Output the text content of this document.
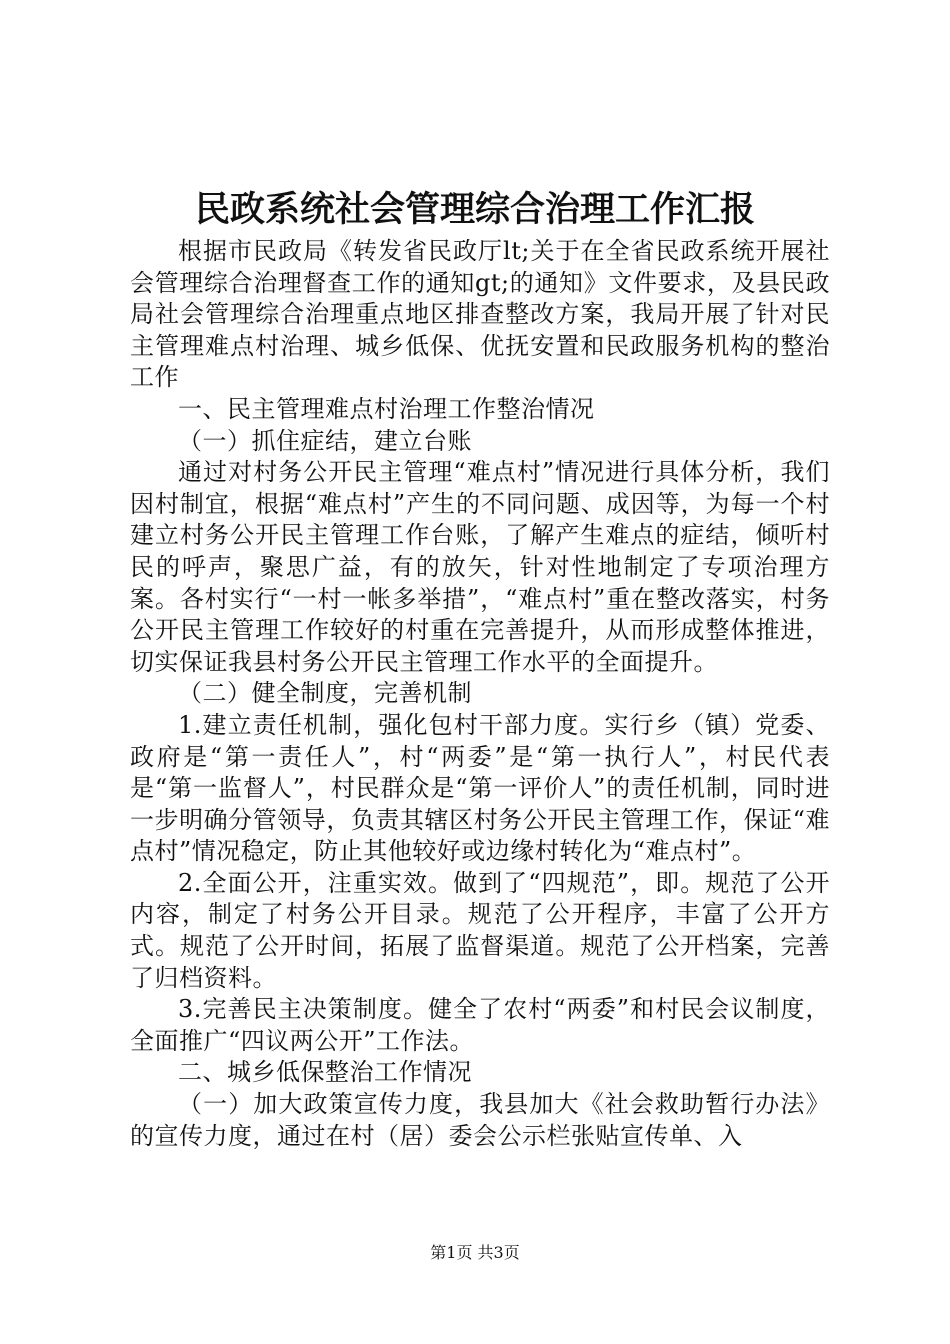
民政系统社会管理综合治理工作汇报

根据市民政局《转发省民政厅lt;关于在全省民政系统开展社会管理综合治理督查工作的通知gt;的通知》文件要求，及县民政局社会管理综合治理重点地区排查整改方案，我局开展了针对民主管理难点村治理、城乡低保、优抚安置和民政服务机构的整治工作

一、民主管理难点村治理工作整治情况

（一）抓住症结，建立台账

通过对村务公开民主管理“难点村”情况进行具体分析，我们因村制宜，根据“难点村”产生的不同问题、成因等，为每一个村建立村务公开民主管理工作台账，了解产生难点的症结，倾听村民的呼声，聚思广益，有的放矢，针对性地制定了专项治理方案。各村实行“一村一帐多举措”，“难点村”重在整改落实，村务公开民主管理工作较好的村重在完善提升，从而形成整体推进，切实保证我县村务公开民主管理工作水平的全面提升。

（二）健全制度，完善机制

1.建立责任机制，强化包村干部力度。实行乡（镇）党委、政府是“第一责任人”，村“两委”是“第一执行人”，村民代表是“第一监督人”，村民群众是“第一评价人”的责任机制，同时进一步明确分管领导，负责其辖区村务公开民主管理工作，保证“难点村”情况稳定，防止其他较好或边缘村转化为“难点村”。

2.全面公开，注重实效。做到了“四规范”，即。规范了公开内容，制定了村务公开目录。规范了公开程序，丰富了公开方式。规范了公开时间，拓展了监督渠道。规范了公开档案，完善了归档资料。

3.完善民主决策制度。健全了农村“两委”和村民会议制度，全面推广“四议两公开”工作法。

二、城乡低保整治工作情况

（一）加大政策宣传力度，我县加大《社会救助暂行办法》的宣传力度，通过在村（居）委会公示栏张贴宣传单、入

第1页 共3页
